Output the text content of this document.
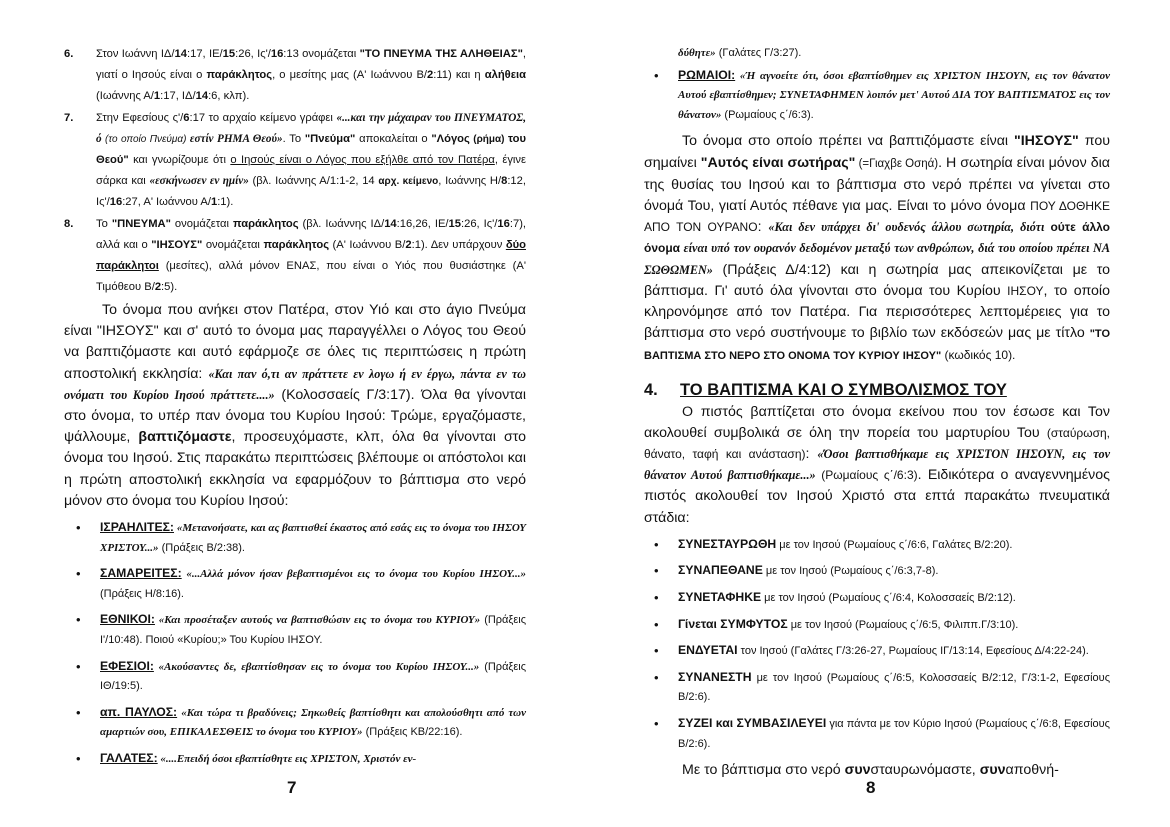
6. Στον Ιωάννη ΙΔ/14:17, ΙΕ/15:26, Ις'/16:13 ονομάζεται "ΤΟ ΠΝΕΥΜΑ ΤΗΣ ΑΛΗΘΕΙΑΣ", γιατί ο Ιησούς είναι ο παράκλητος, ο μεσίτης μας (Α' Ιωάννου Β/2:11) και η αλήθεια (Ιωάννης Α/1:17, ΙΔ/14:6, κλπ).
7. Στην Εφεσίους ς'/6:17 το αρχαίο κείμενο γράφει «...και την μάχαιραν του ΠΝΕΥΜΑΤΟΣ, ό (το οποίο Πνεύμα) εστίν ΡΗΜΑ Θεού». Το "Πνεύμα" αποκαλείται ο "Λόγος (ρήμα) του Θεού" και γνωρίζουμε ότι ο Ιησούς είναι ο Λόγος που εξήλθε από τον Πατέρα, έγινε σάρκα και «εσκήνωσεν εν ημίν» (βλ. Ιωάννης Α/1:1-2, 14 αρχ. κείμενο, Ιωάννης Η/8:12, Ις'/16:27, Α' Ιωάννου Α/1:1).
8. Το "ΠΝΕΥΜΑ" ονομάζεται παράκλητος (βλ. Ιωάννης ΙΔ/14:16,26, ΙΕ/15:26, Ις'/16:7), αλλά και ο "ΙΗΣΟΥΣ" ονομάζεται παράκλητος (Α' Ιωάννου Β/2:1). Δεν υπάρχουν δύο παράκλητοι (μεσίτες), αλλά μόνον ΕΝΑΣ, που είναι ο Υιός που θυσιάστηκε (Α' Τιμόθεου Β/2:5).

Το όνομα που ανήκει στον Πατέρα, στον Υιό και στο άγιο Πνεύμα είναι "ΙΗΣΟΥΣ" και σ' αυτό το όνομα μας παραγγέλλει ο Λόγος του Θεού να βαπτιζόμαστε και αυτό εφάρμοζε σε όλες τις περιπτώσεις η πρώτη αποστολική εκκλησία: «Και παν ό,τι αν πράττετε εν λογω ή εν έργω, πάντα εν τω ονόματι του Κυρίου Ιησού πράττετε....» (Κολοσσαείς Γ/3:17). Όλα θα γίνονται στο όνομα, το υπέρ παν όνομα του Κυρίου Ιησού: Τρώμε, εργαζόμαστε, ψάλλουμε, βαπτιζόμαστε, προσευχόμαστε, κλπ, όλα θα γίνονται στο όνομα του Ιησού. Στις παρακάτω περιπτώσεις βλέπουμε οι απόστολοι και η πρώτη αποστολική εκκλησία να εφαρμόζουν το βάπτισμα στο νερό μόνον στο όνομα του Κυρίου Ιησού:

• ΙΣΡΑΗΛΙΤΕΣ: «Μετανοήσατε, και ας βαπτισθεί έκαστος από εσάς εις το όνομα του ΙΗΣΟΥ ΧΡΙΣΤΟΥ...» (Πράξεις Β/2:38).
• ΣΑΜΑΡΕΙΤΕΣ: «...Αλλά μόνον ήσαν βεβαπτισμένοι εις το όνομα του Κυρίου ΙΗΣΟΥ...» (Πράξεις Η/8:16).
• ΕΘΝΙΚΟΙ: «Και προσέταξεν αυτούς να βαπτισθώσιν εις το όνομα του ΚΥΡΙΟΥ» (Πράξεις Ι'/10:48). Ποιού «Κυρίου;» Του Κυρίου ΙΗΣΟΥ.
• ΕΦΕΣΙΟΙ: «Ακούσαντες δε, εβαπτίσθησαν εις το όνομα του Κυρίου ΙΗΣΟΥ...» (Πράξεις ΙΘ/19:5).
• απ. ΠΑΥΛΟΣ: «Και τώρα τι βραδύνεις; Σηκωθείς βαπτίσθητι και απολούσθητι από των αμαρτιών σου, ΕΠΙΚΑΛΕΣΘΕΙΣ το όνομα του ΚΥΡΙΟΥ» (Πράξεις ΚΒ/22:16).
• ΓΑΛΑΤΕΣ: «....Επειδή όσοι εβαπτίσθητε εις ΧΡΙΣΤΟΝ, Χριστόν εν-
7
δύθητε» (Γαλάτες Γ/3:27).
• ΡΩΜΑΙΟΙ: «Ή αγνοείτε ότι, όσοι εβαπτίσθημεν εις ΧΡΙΣΤΟΝ ΙΗΣΟΥΝ, εις τον θάνατον Αυτού εβαπτίσθημεν; ΣΥΝΕΤΑΦΗΜΕΝ λοιπόν μετ' Αυτού ΔΙΑ ΤΟΥ ΒΑΠΤΙΣΜΑΤΟΣ εις τον θάνατον» (Ρωμαίους ς΄/6:3).

Το όνομα στο οποίο πρέπει να βαπτιζόμαστε είναι "ΙΗΣΟΥΣ" που σημαίνει "Αυτός είναι σωτήρας" (=Γιαχβε Οσηά). Η σωτηρία είναι μόνον δια της θυσίας του Ιησού και το βάπτισμα στο νερό πρέπει να γίνεται στο όνομά Του, γιατί Αυτός πέθανε για μας. Είναι το μόνο όνομα ΠΟΥ ΔΟΘΗΚΕ ΑΠΟ ΤΟΝ ΟΥΡΑΝΟ: «Και δεν υπάρχει δι' ουδενός άλλου σωτηρία, διότι ούτε άλλο όνομα είναι υπό τον ουρανόν δεδομένον μεταξύ των ανθρώπων, διά του οποίου πρέπει ΝΑ ΣΩΘΩΜΕΝ» (Πράξεις Δ/4:12) και η σωτηρία μας απεικονίζεται με το βάπτισμα. Γι' αυτό όλα γίνονται στο όνομα του Κυρίου ΙΗΣΟΥ, το οποίο κληρονόμησε από τον Πατέρα. Για περισσότερες λεπτομέρειες για το βάπτισμα στο νερό συστήνουμε το βιβλίο των εκδόσεών μας με τίτλο "ΤΟ ΒΑΠΤΙΣΜΑ ΣΤΟ ΝΕΡΟ ΣΤΟ ΟΝΟΜΑ ΤΟΥ ΚΥΡΙΟΥ ΙΗΣΟΥ" (κωδικός 10).

4. ΤΟ ΒΑΠΤΙΣΜΑ ΚΑΙ Ο ΣΥΜΒΟΛΙΣΜΟΣ ΤΟΥ

Ο πιστός βαπτίζεται στο όνομα εκείνου που τον έσωσε και Τον ακολουθεί συμβολικά σε όλη την πορεία του μαρτυρίου Του (σταύρωση, θάνατο, ταφή και ανάσταση): «Όσοι βαπτισθήκαμε εις ΧΡΙΣΤΟΝ ΙΗΣΟΥΝ, εις τον θάνατον Αυτού βαπτισθήκαμε...» (Ρωμαίους ς΄/6:3). Ειδικότερα ο αναγεννημένος πιστός ακολουθεί τον Ιησού Χριστό στα επτά παρακάτω πνευματικά στάδια:

• ΣΥΝΕΣΤΑΥΡΩΘΗ με τον Ιησού (Ρωμαίους ς΄/6:6, Γαλάτες Β/2:20).
• ΣΥΝΑΠΕΘΑΝΕ με τον Ιησού (Ρωμαίους ς΄/6:3,7-8).
• ΣΥΝΕΤΑΦΗΚΕ με τον Ιησού (Ρωμαίους ς΄/6:4, Κολοσσαείς Β/2:12).
• Γίνεται ΣΥΜΦΥΤΟΣ με τον Ιησού (Ρωμαίους ς΄/6:5, Φιλιππ.Γ/3:10).
• ΕΝΔΥΕΤΑΙ τον Ιησού (Γαλάτες Γ/3:26-27, Ρωμαίους ΙΓ/13:14, Εφεσίους Δ/4:22-24).
• ΣΥΝΑΝΕΣΤΗ με τον Ιησού (Ρωμαίους ς΄/6:5, Κολοσσαείς Β/2:12, Γ/3:1-2, Εφεσίους Β/2:6).
• ΣΥΖΕΙ και ΣΥΜΒΑΣΙΛΕΥΕΙ για πάντα με τον Κύριο Ιησού (Ρωμαίους ς΄/6:8, Εφεσίους Β/2:6).

Με το βάπτισμα στο νερό συνσταυρωνόμαστε, συναποθνή-

8
